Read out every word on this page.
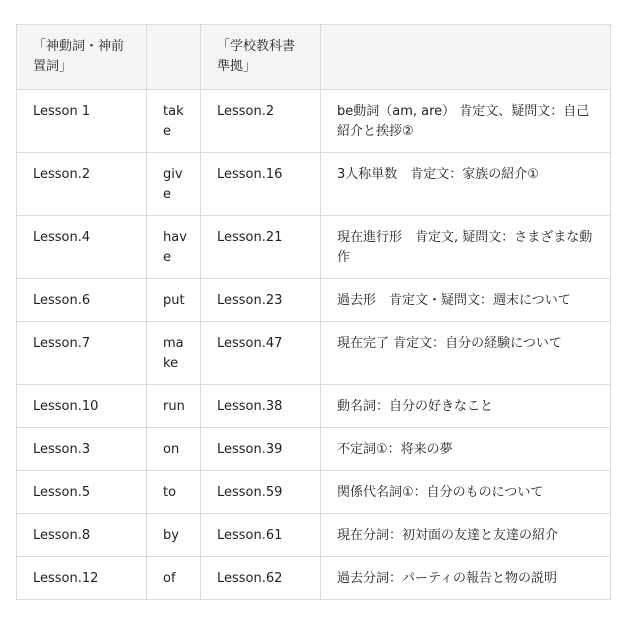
「神動詞・神前置詞」		「学校教科書準拠」	
Lesson 1	take	Lesson.2	be動詞（am, are） 肯定文、疑問文：自己紹介と挨拶②
Lesson.2	give	Lesson.16	3人称単数　肯定文：家族の紹介①
Lesson.4	have	Lesson.21	現在進行形　肯定文, 疑問文：さまざまな動作
Lesson.6	put	Lesson.23	過去形　肯定文・疑問文：週末について
Lesson.7	make	Lesson.47	現在完了 肯定文：自分の経験について
Lesson.10	run	Lesson.38	動名詞：自分の好きなこと
Lesson.3	on	Lesson.39	不定詞①：将来の夢
Lesson.5	to	Lesson.59	関係代名詞①：自分のものについて
Lesson.8	by	Lesson.61	現在分詞：初対面の友達と友達の紹介
Lesson.12	of	Lesson.62	過去分詞：パーティの報告と物の説明
